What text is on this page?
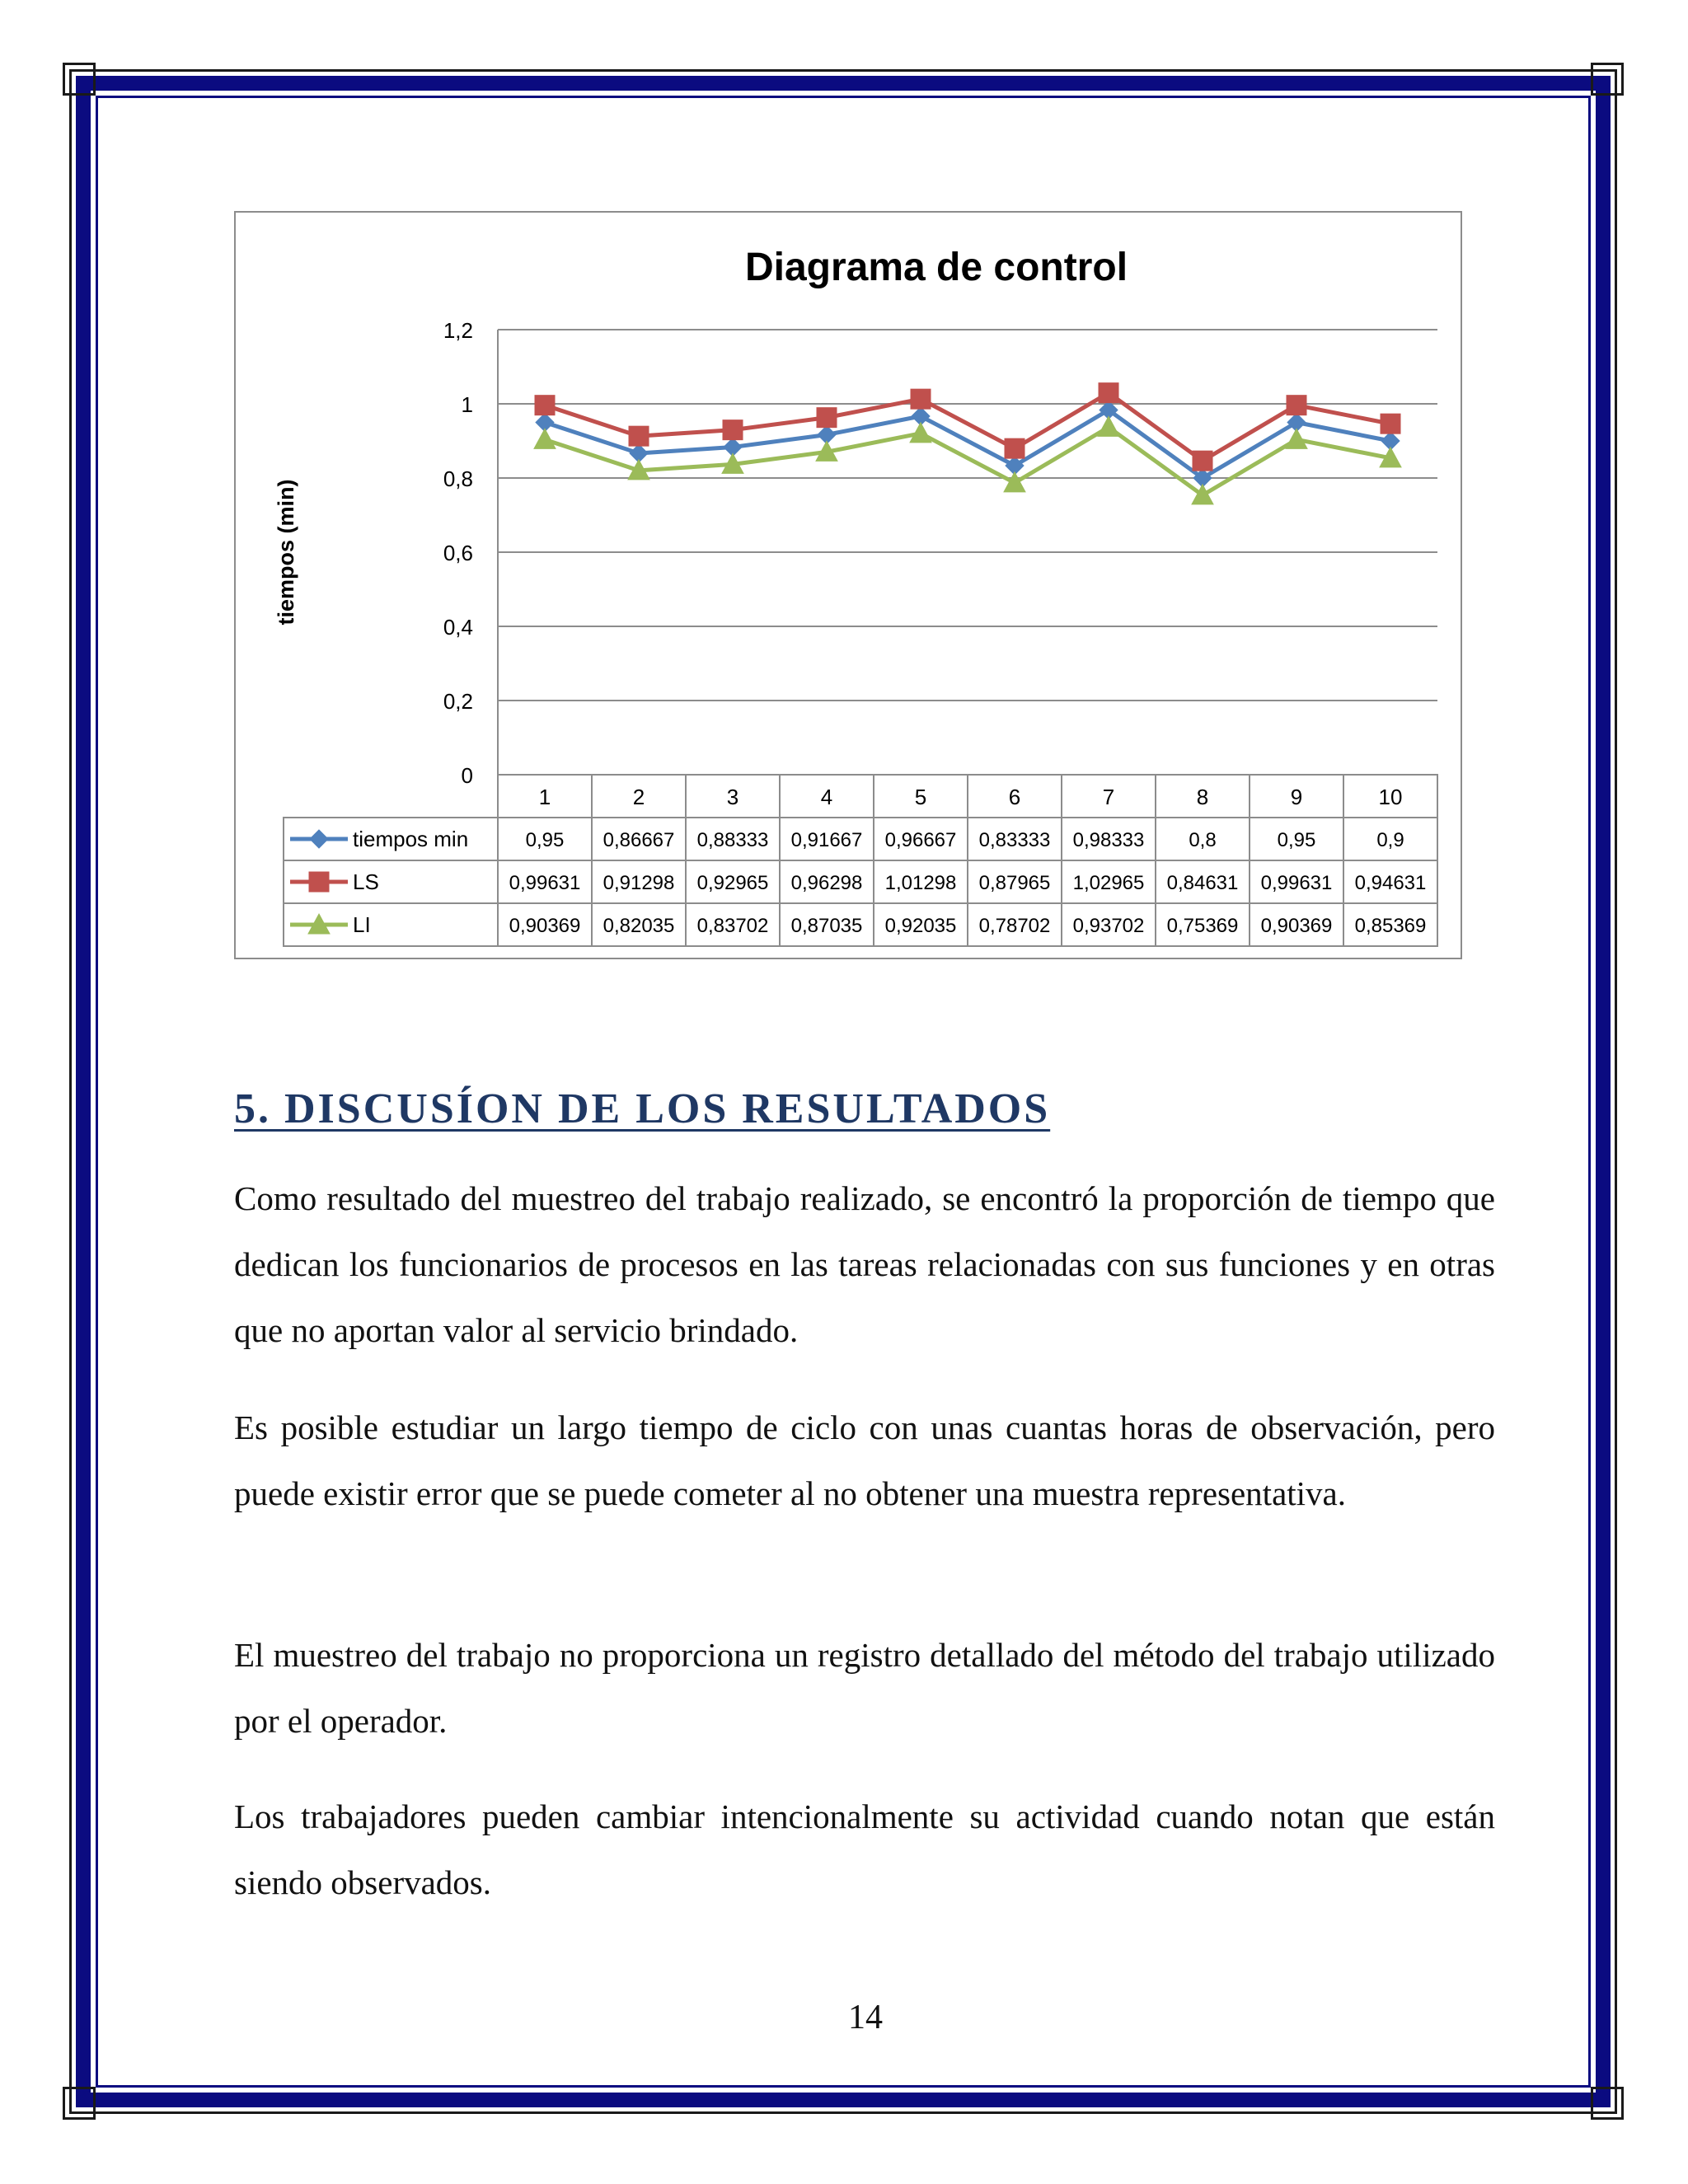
Diagrama de control
tiempos (min)
0
0,2
0,4
0,6
0,8
1
1,2
1	2	3	4	5	6	7	8	9	10
tiempos min	0,95 0,86667 0,88333 0,91667 0,96667 0,83333 0,98333 0,8	0,95	0,9
LS	0,99631 0,91298 0,92965 0,96298 1,01298 0,87965 1,02965 0,84631 0,99631 0,94631
LI	0,90369 0,82035 0,83702 0,87035 0,92035 0,78702 0,93702 0,75369 0,90369 0,85369
5. DISCUSÍON DE LOS RESULTADOS

Como resultado del muestreo del trabajo realizado, se encontró la proporción de tiempo que dedican los funcionarios de procesos en las tareas relacionadas con sus funciones y en otras que no aportan valor al servicio brindado.

Es posible estudiar un largo tiempo de ciclo con unas cuantas horas de observación, pero puede existir error que se puede cometer al no obtener una muestra representativa.

El muestreo del trabajo no proporciona un registro detallado del método del trabajo utilizado por el operador.

Los trabajadores pueden cambiar intencionalmente su actividad cuando notan que están siendo observados.

14
